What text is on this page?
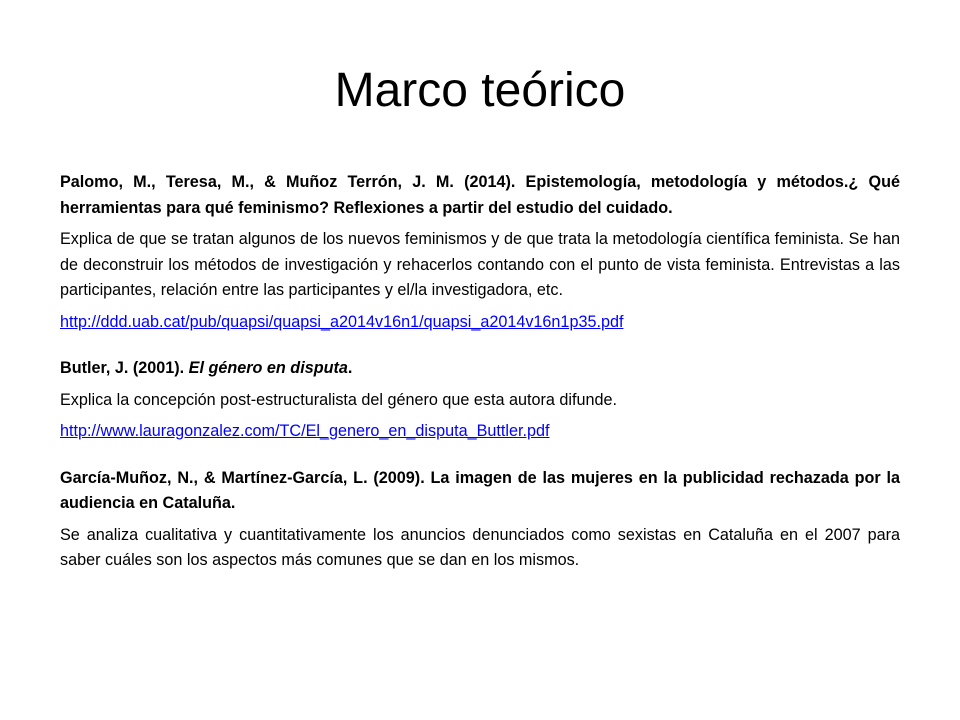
Marco teórico

Palomo, M., Teresa, M., & Muñoz Terrón, J. M. (2014). Epistemología, metodología y métodos.¿ Qué herramientas para qué feminismo? Reflexiones a partir del estudio del cuidado.

Explica de que se tratan algunos de los nuevos feminismos y de que trata la metodología científica feminista. Se han de deconstruir los métodos de investigación y rehacerlos contando con el punto de vista feminista. Entrevistas a las participantes, relación entre las participantes y el/la investigadora, etc.

http://ddd.uab.cat/pub/quapsi/quapsi_a2014v16n1/quapsi_a2014v16n1p35.pdf

Butler, J. (2001). El género en disputa.

Explica la concepción post-estructuralista del género que esta autora difunde.

http://www.lauragonzalez.com/TC/El_genero_en_disputa_Buttler.pdf

García-Muñoz, N., & Martínez-García, L. (2009). La imagen de las mujeres en la publicidad rechazada por la audiencia en Cataluña.

Se analiza cualitativa y cuantitativamente los anuncios denunciados como sexistas en Cataluña en el 2007 para saber cuáles son los aspectos más comunes que se dan en los mismos.
